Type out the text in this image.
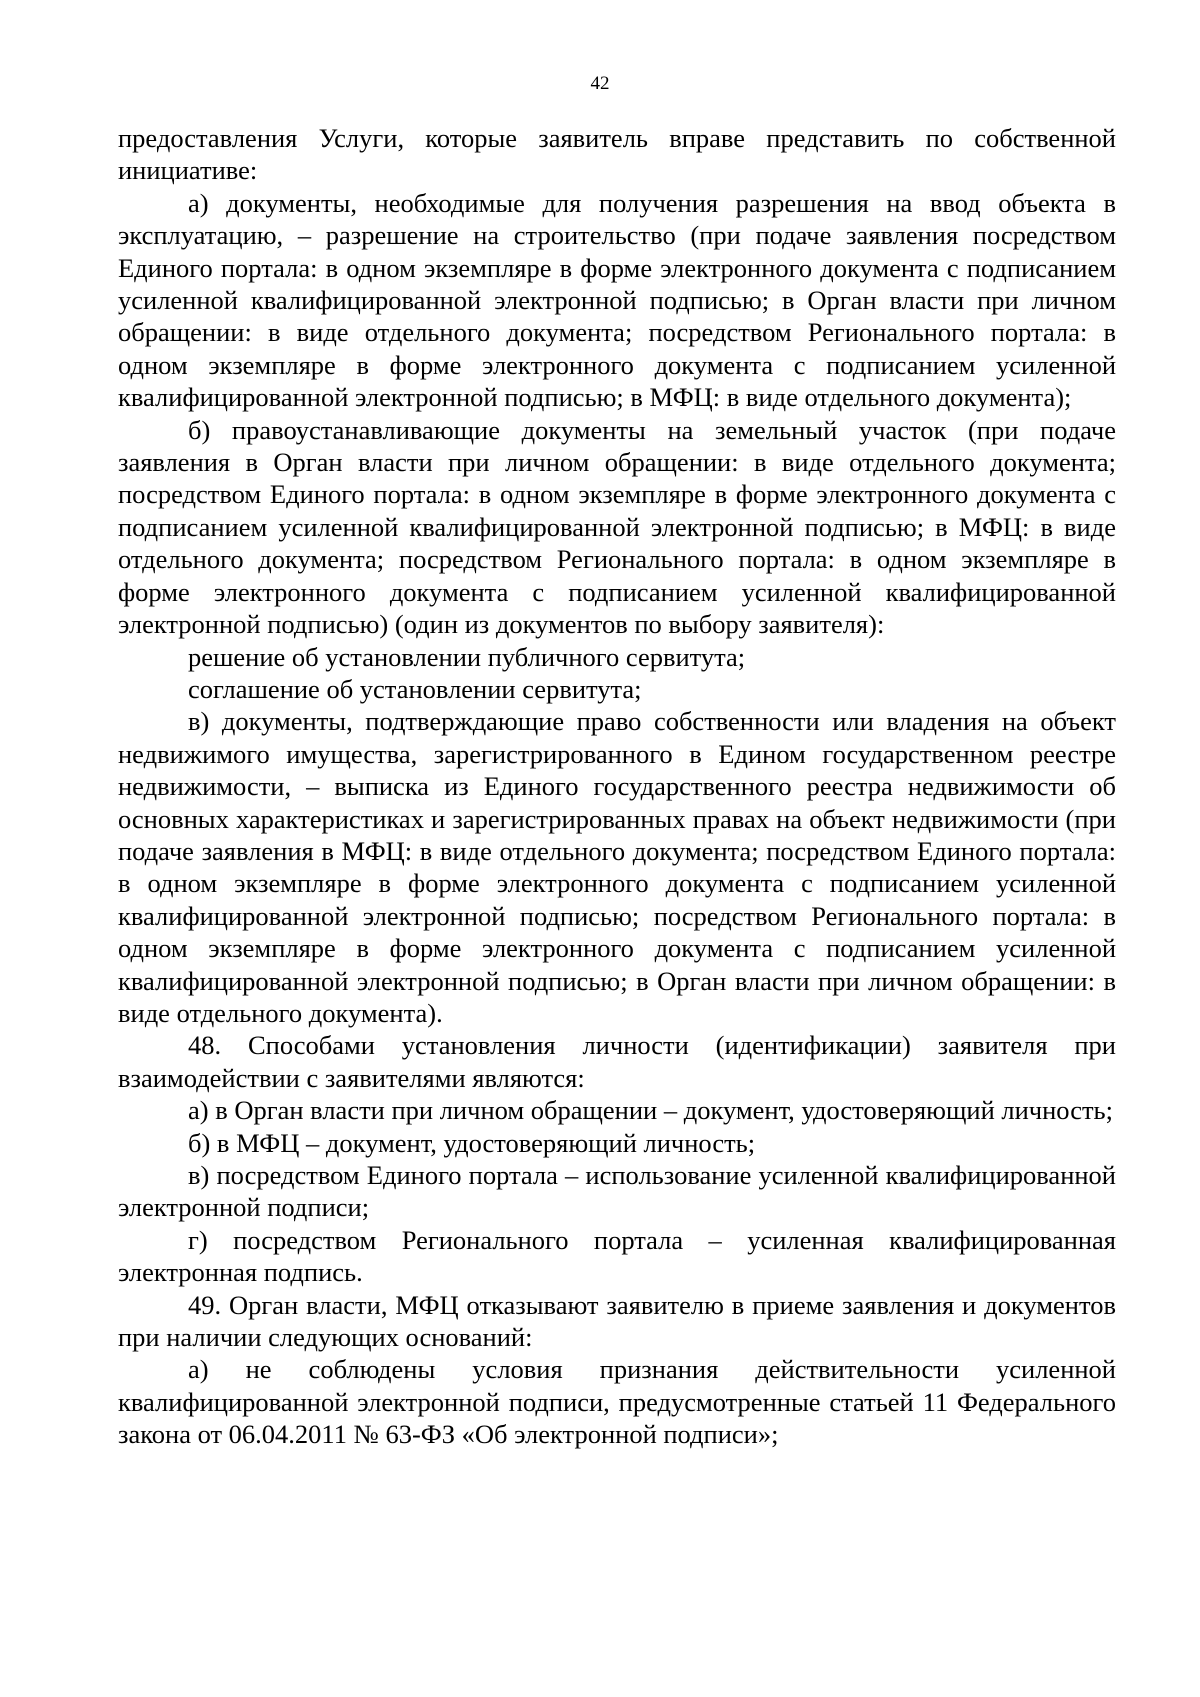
42

предоставления Услуги, которые заявитель вправе представить по собственной инициативе:

а) документы, необходимые для получения разрешения на ввод объекта в эксплуатацию, – разрешение на строительство (при подаче заявления посредством Единого портала: в одном экземпляре в форме электронного документа с подписанием усиленной квалифицированной электронной подписью; в Орган власти при личном обращении: в виде отдельного документа; посредством Регионального портала: в одном экземпляре в форме электронного документа с подписанием усиленной квалифицированной электронной подписью; в МФЦ: в виде отдельного документа);

б) правоустанавливающие документы на земельный участок (при подаче заявления в Орган власти при личном обращении: в виде отдельного документа; посредством Единого портала: в одном экземпляре в форме электронного документа с подписанием усиленной квалифицированной электронной подписью; в МФЦ: в виде отдельного документа; посредством Регионального портала: в одном экземпляре в форме электронного документа с подписанием усиленной квалифицированной электронной подписью) (один из документов по выбору заявителя):

решение об установлении публичного сервитута;

соглашение об установлении сервитута;

в) документы, подтверждающие право собственности или владения на объект недвижимого имущества, зарегистрированного в Едином государственном реестре недвижимости, – выписка из Единого государственного реестра недвижимости об основных характеристиках и зарегистрированных правах на объект недвижимости (при подаче заявления в МФЦ: в виде отдельного документа; посредством Единого портала: в одном экземпляре в форме электронного документа с подписанием усиленной квалифицированной электронной подписью; посредством Регионального портала: в одном экземпляре в форме электронного документа с подписанием усиленной квалифицированной электронной подписью; в Орган власти при личном обращении: в виде отдельного документа).

48. Способами установления личности (идентификации) заявителя при взаимодействии с заявителями являются:

а) в Орган власти при личном обращении – документ, удостоверяющий личность;

б) в МФЦ – документ, удостоверяющий личность;

в) посредством Единого портала – использование усиленной квалифицированной электронной подписи;

г) посредством Регионального портала – усиленная квалифицированная электронная подпись.

49. Орган власти, МФЦ отказывают заявителю в приеме заявления и документов при наличии следующих оснований:

а) не соблюдены условия признания действительности усиленной квалифицированной электронной подписи, предусмотренные статьей 11 Федерального закона от 06.04.2011 № 63-ФЗ «Об электронной подписи»;
